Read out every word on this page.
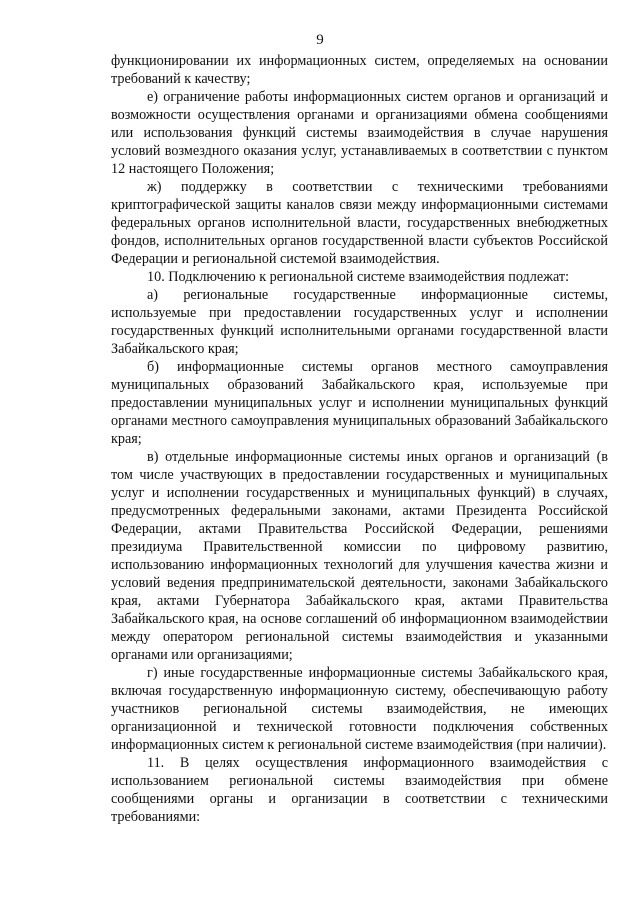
9

функционировании их информационных систем, определяемых на основании требований к качеству;

е) ограничение работы информационных систем органов и организаций и возможности осуществления органами и организациями обмена сообщениями или использования функций системы взаимодействия в случае нарушения условий возмездного оказания услуг, устанавливаемых в соответствии с пунктом 12 настоящего Положения;

ж) поддержку в соответствии с техническими требованиями криптографической защиты каналов связи между информационными системами федеральных органов исполнительной власти, государственных внебюджетных фондов, исполнительных органов государственной власти субъектов Российской Федерации и региональной системой взаимодействия.

10. Подключению к региональной системе взаимодействия подлежат:

а) региональные государственные информационные системы, используемые при предоставлении государственных услуг и исполнении государственных функций исполнительными органами государственной власти Забайкальского края;

б) информационные системы органов местного самоуправления муниципальных образований Забайкальского края, используемые при предоставлении муниципальных услуг и исполнении муниципальных функций органами местного самоуправления муниципальных образований Забайкальского края;

в) отдельные информационные системы иных органов и организаций (в том числе участвующих в предоставлении государственных и муниципальных услуг и исполнении государственных и муниципальных функций) в случаях, предусмотренных федеральными законами, актами Президента Российской Федерации, актами Правительства Российской Федерации, решениями президиума Правительственной комиссии по цифровому развитию, использованию информационных технологий для улучшения качества жизни и условий ведения предпринимательской деятельности, законами Забайкальского края, актами Губернатора Забайкальского края, актами Правительства Забайкальского края, на основе соглашений об информационном взаимодействии между оператором региональной системы взаимодействия и указанными органами или организациями;

г) иные государственные информационные системы Забайкальского края, включая государственную информационную систему, обеспечивающую работу участников региональной системы взаимодействия, не имеющих организационной и технической готовности подключения собственных информационных систем к региональной системе взаимодействия (при наличии).

11. В целях осуществления информационного взаимодействия с использованием региональной системы взаимодействия при обмене сообщениями органы и организации в соответствии с техническими требованиями:
